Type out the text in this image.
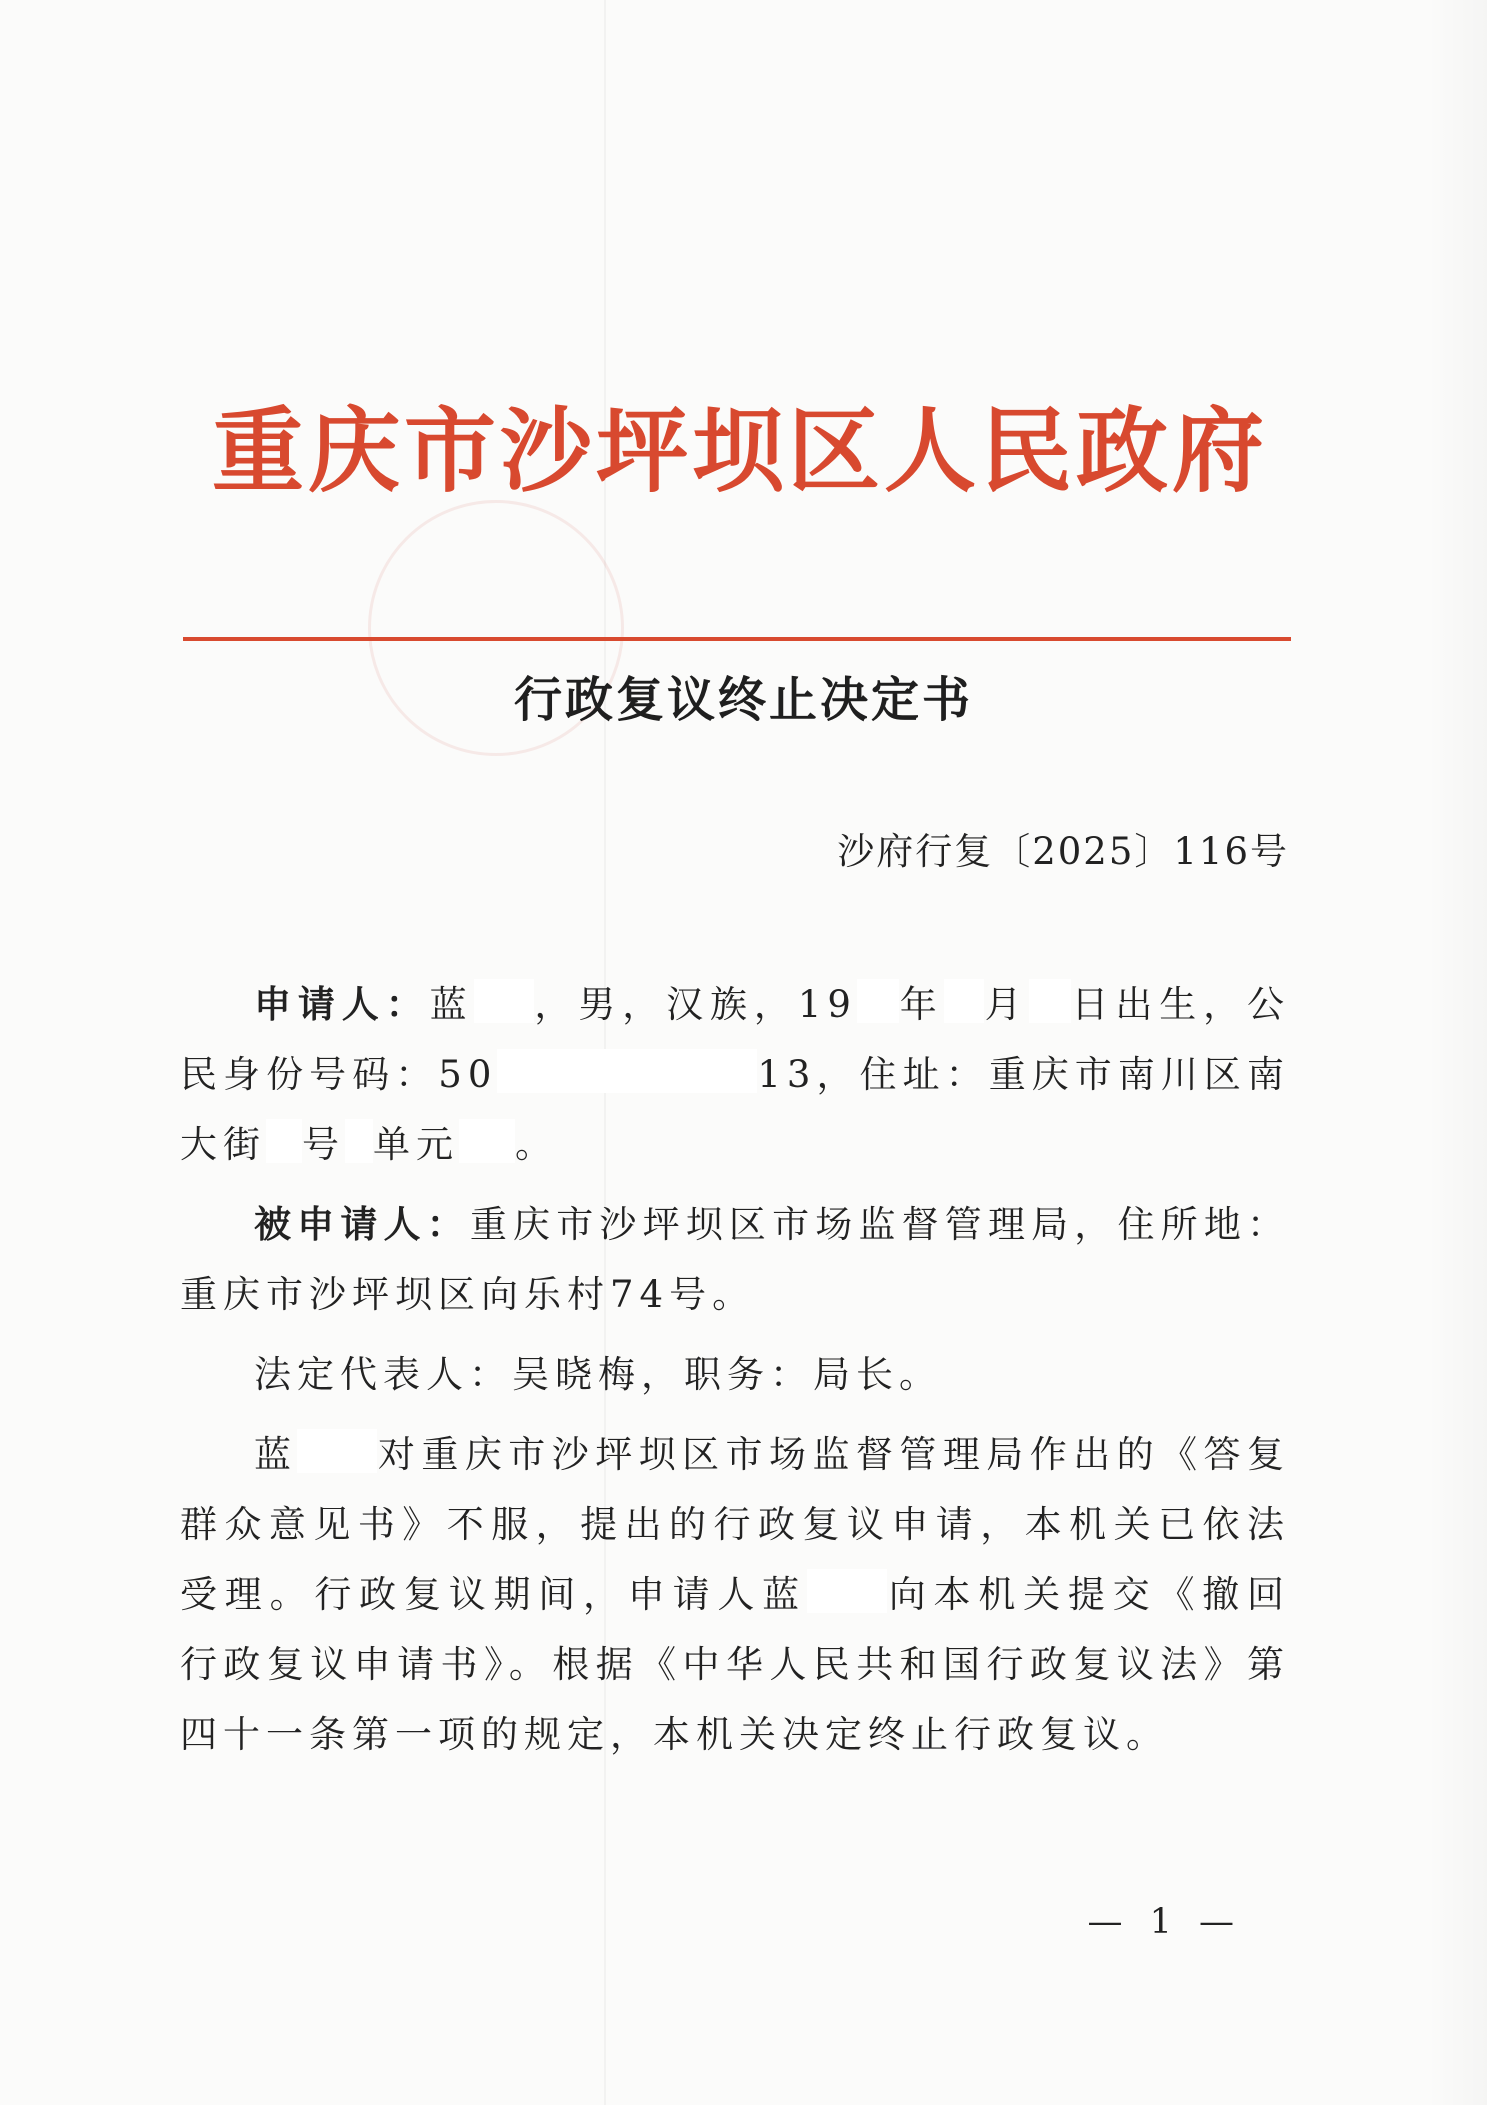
重庆市沙坪坝区人民政府
行政复议终止决定书
沙府行复〔2025〕116号

申请人：蓝 ，男，汉族，19 年 月 日出生，公民身份号码：50	13，住址：重庆市南川区南大街 号 单元 。

被申请人：重庆市沙坪坝区市场监督管理局，住所地：重庆市沙坪坝区向乐村74号。

法定代表人：吴晓梅，职务：局长。

蓝 对重庆市沙坪坝区市场监督管理局作出的《答复群众意见书》不服，提出的行政复议申请，本机关已依法受理。行政复议期间，申请人蓝 向本机关提交《撤回行政复议申请书》。根据《中华人民共和国行政复议法》第四十一条第一项的规定，本机关决定终止行政复议。

— 1 —
